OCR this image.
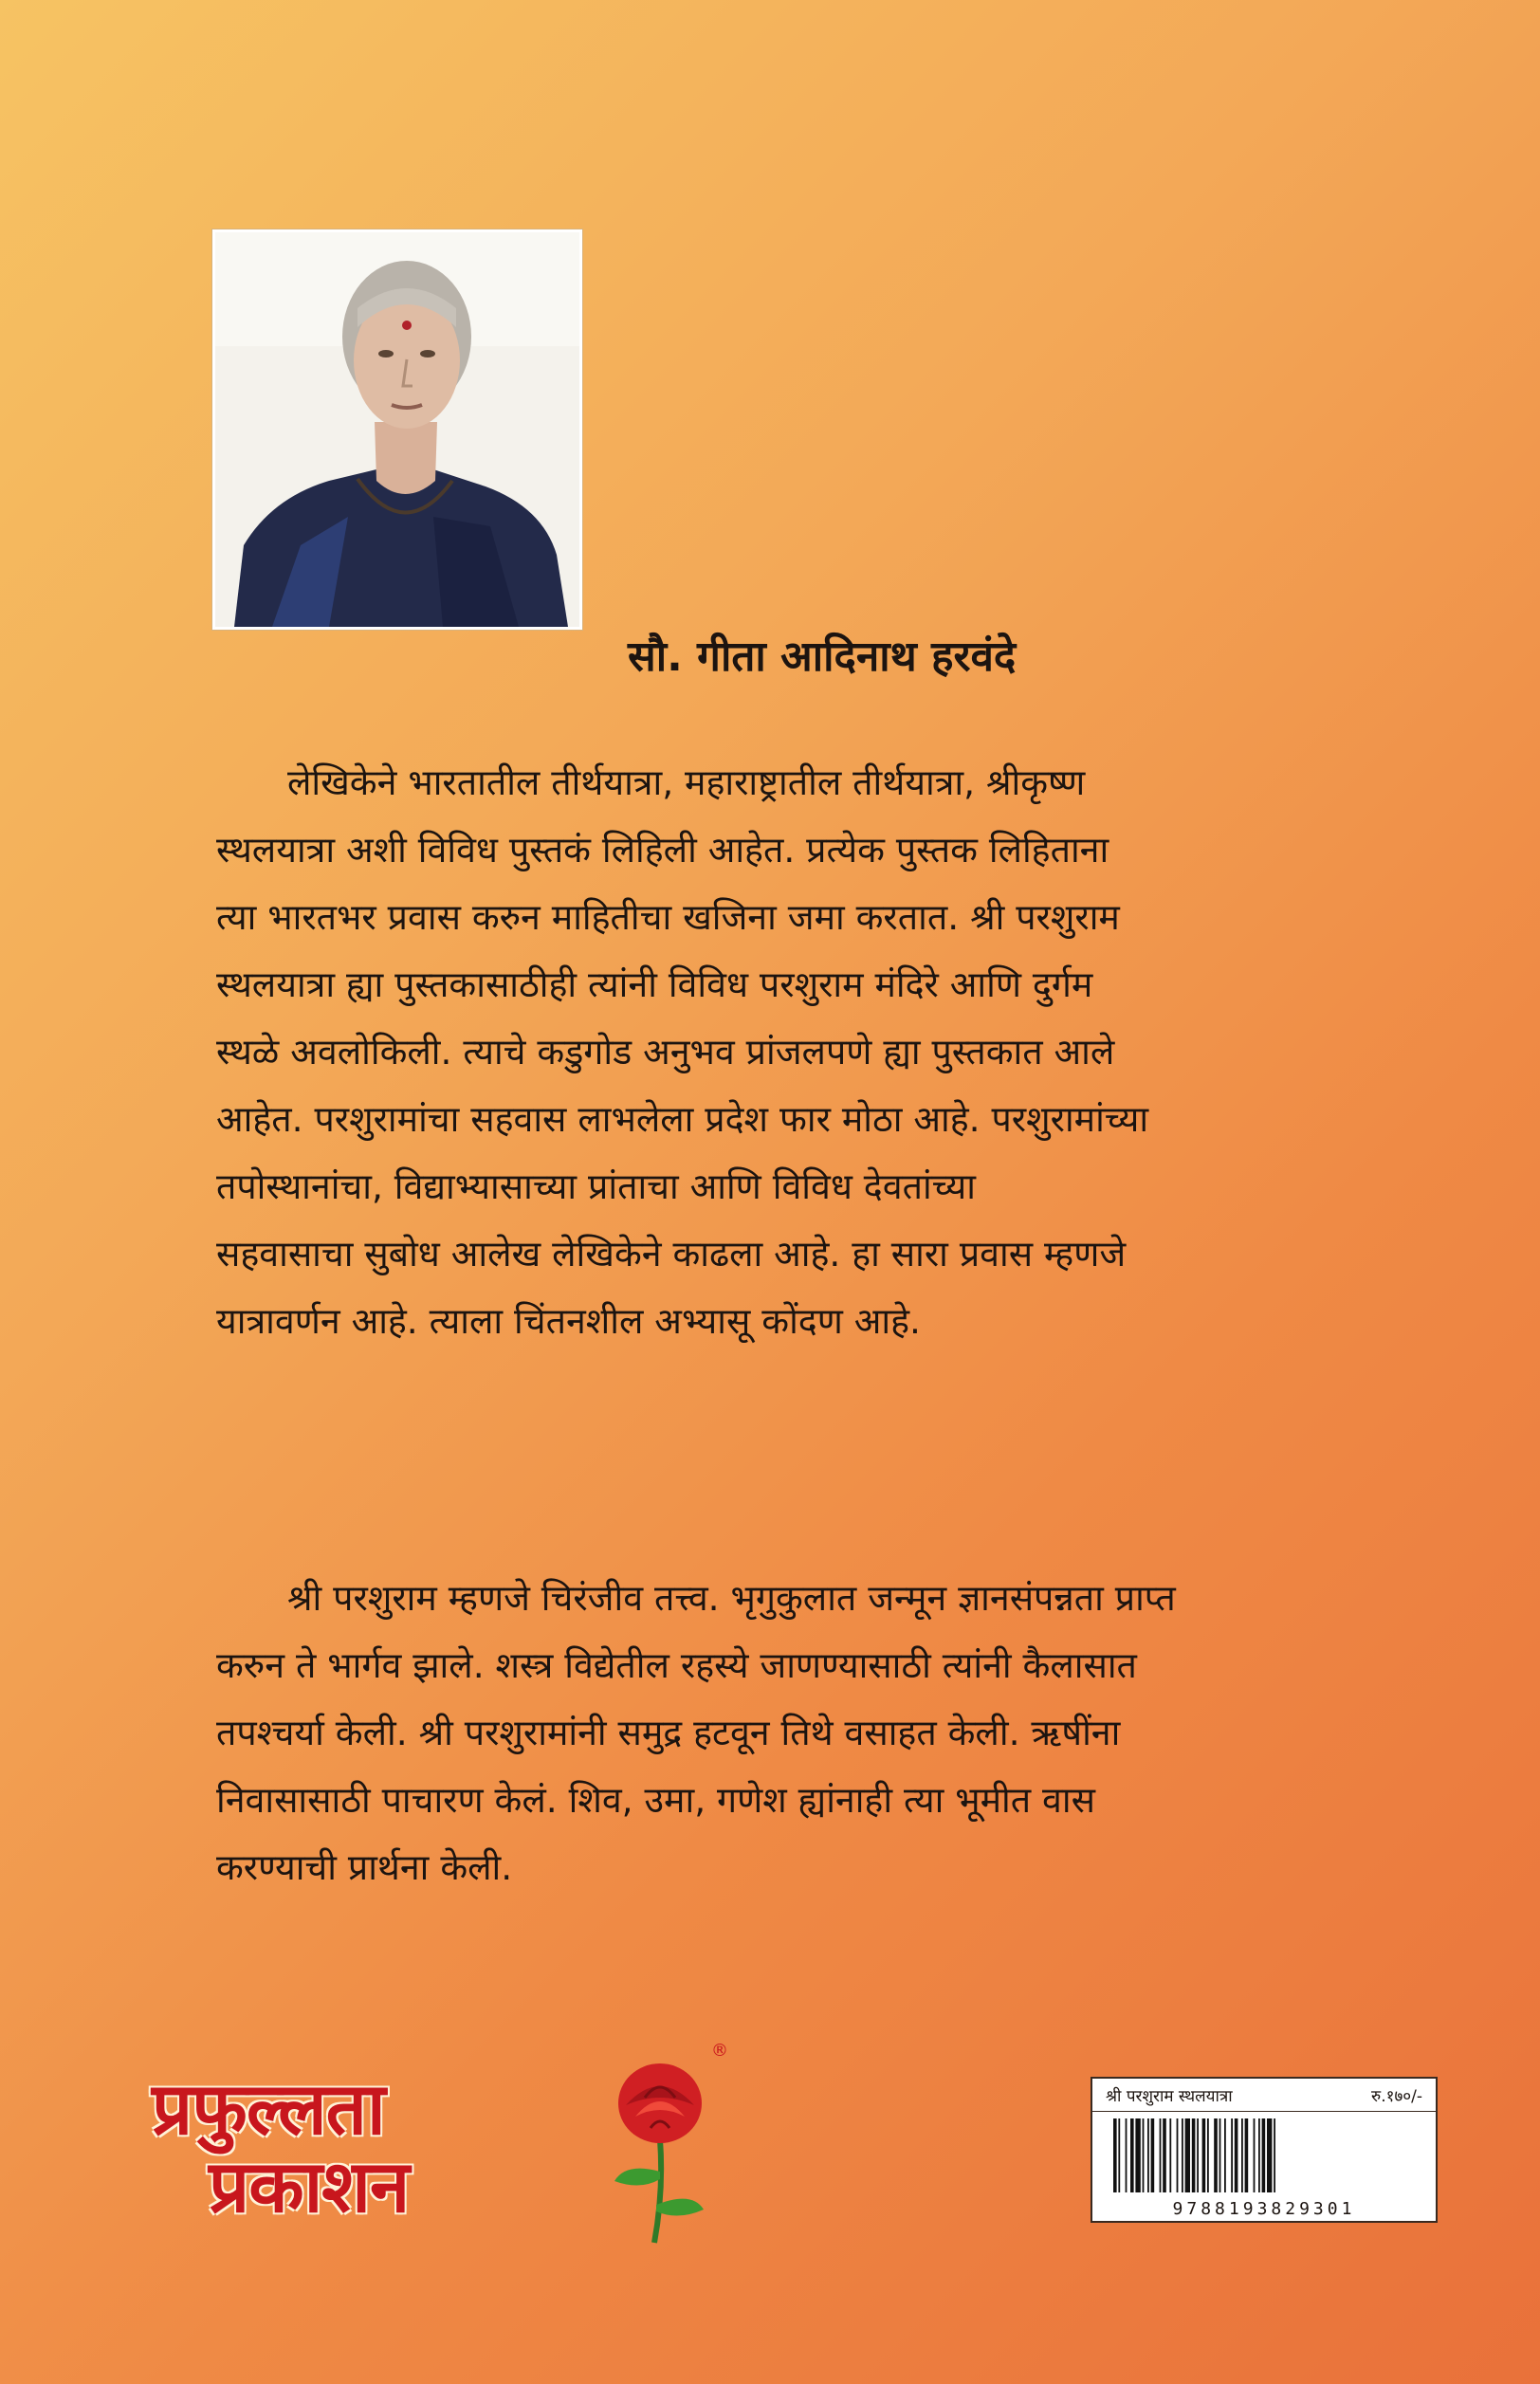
सौ. गीता आदिनाथ हरवंदे
लेखिकेने भारतातील तीर्थयात्रा, महाराष्ट्रातील तीर्थयात्रा, श्रीकृष्ण
स्थलयात्रा अशी विविध पुस्तकं लिहिली आहेत. प्रत्येक पुस्तक लिहिताना
त्या भारतभर प्रवास करुन माहितीचा खजिना जमा करतात. श्री परशुराम
स्थलयात्रा ह्या पुस्तकासाठीही त्यांनी विविध परशुराम मंदिरे आणि दुर्गम
स्थळे अवलोकिली. त्याचे कडुगोड अनुभव प्रांजलपणे ह्या पुस्तकात आले
आहेत. परशुरामांचा सहवास लाभलेला प्रदेश फार मोठा आहे. परशुरामांच्या
तपोस्थानांचा, विद्याभ्यासाच्या प्रांताचा आणि विविध देवतांच्या
सहवासाचा सुबोध आलेख लेखिकेने काढला आहे. हा सारा प्रवास म्हणजे
यात्रावर्णन आहे. त्याला चिंतनशील अभ्यासू कोंदण आहे.
श्री परशुराम म्हणजे चिरंजीव तत्त्व. भृगुकुलात जन्मून ज्ञानसंपन्नता प्राप्त
करुन ते भार्गव झाले. शस्त्र विद्येतील रहस्ये जाणण्यासाठी त्यांनी कैलासात
तपश्चर्या केली. श्री परशुरामांनी समुद्र हटवून तिथे वसाहत केली. ऋषींना
निवासासाठी पाचारण केलं. शिव, उमा, गणेश ह्यांनाही त्या भूमीत वास
करण्याची प्रार्थना केली.
प्रफुल्लता
प्रकाशन
®
श्री परशुराम स्थलयात्रा	रु.१७०/-
9788193829301
